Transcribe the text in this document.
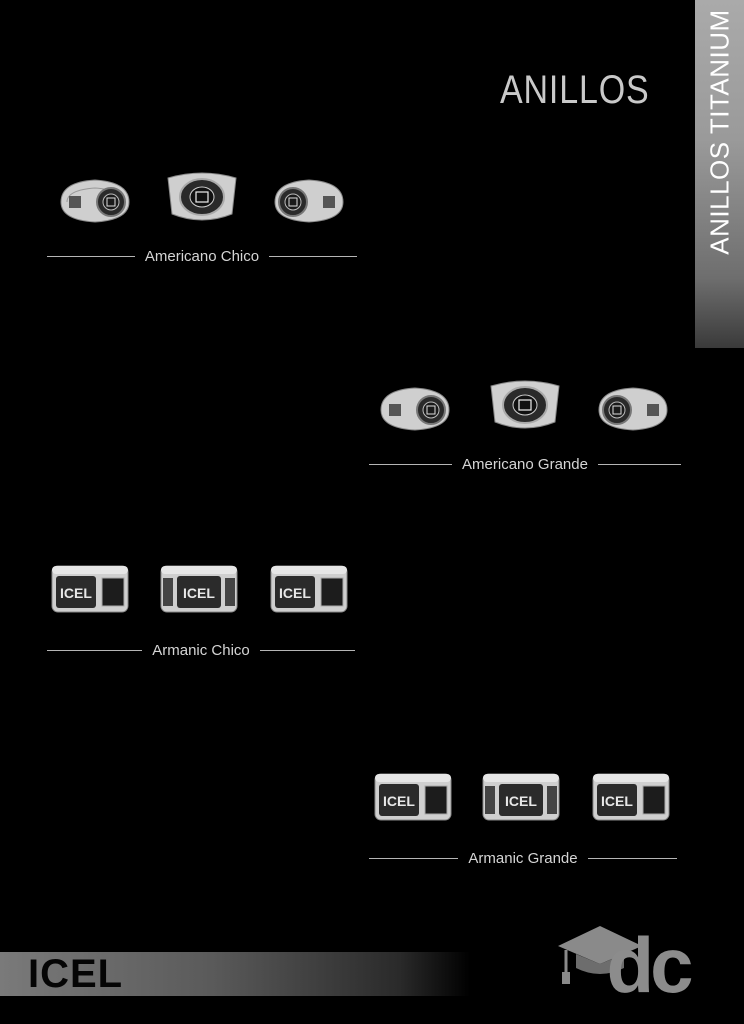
ANILLOS TITANIUM
ANILLOS
Americano Chico
Americano Grande
ICEL	ICEL	ICEL
Armanic Chico
ICEL	ICEL	ICEL
Armanic Grande
ICEL	dc
